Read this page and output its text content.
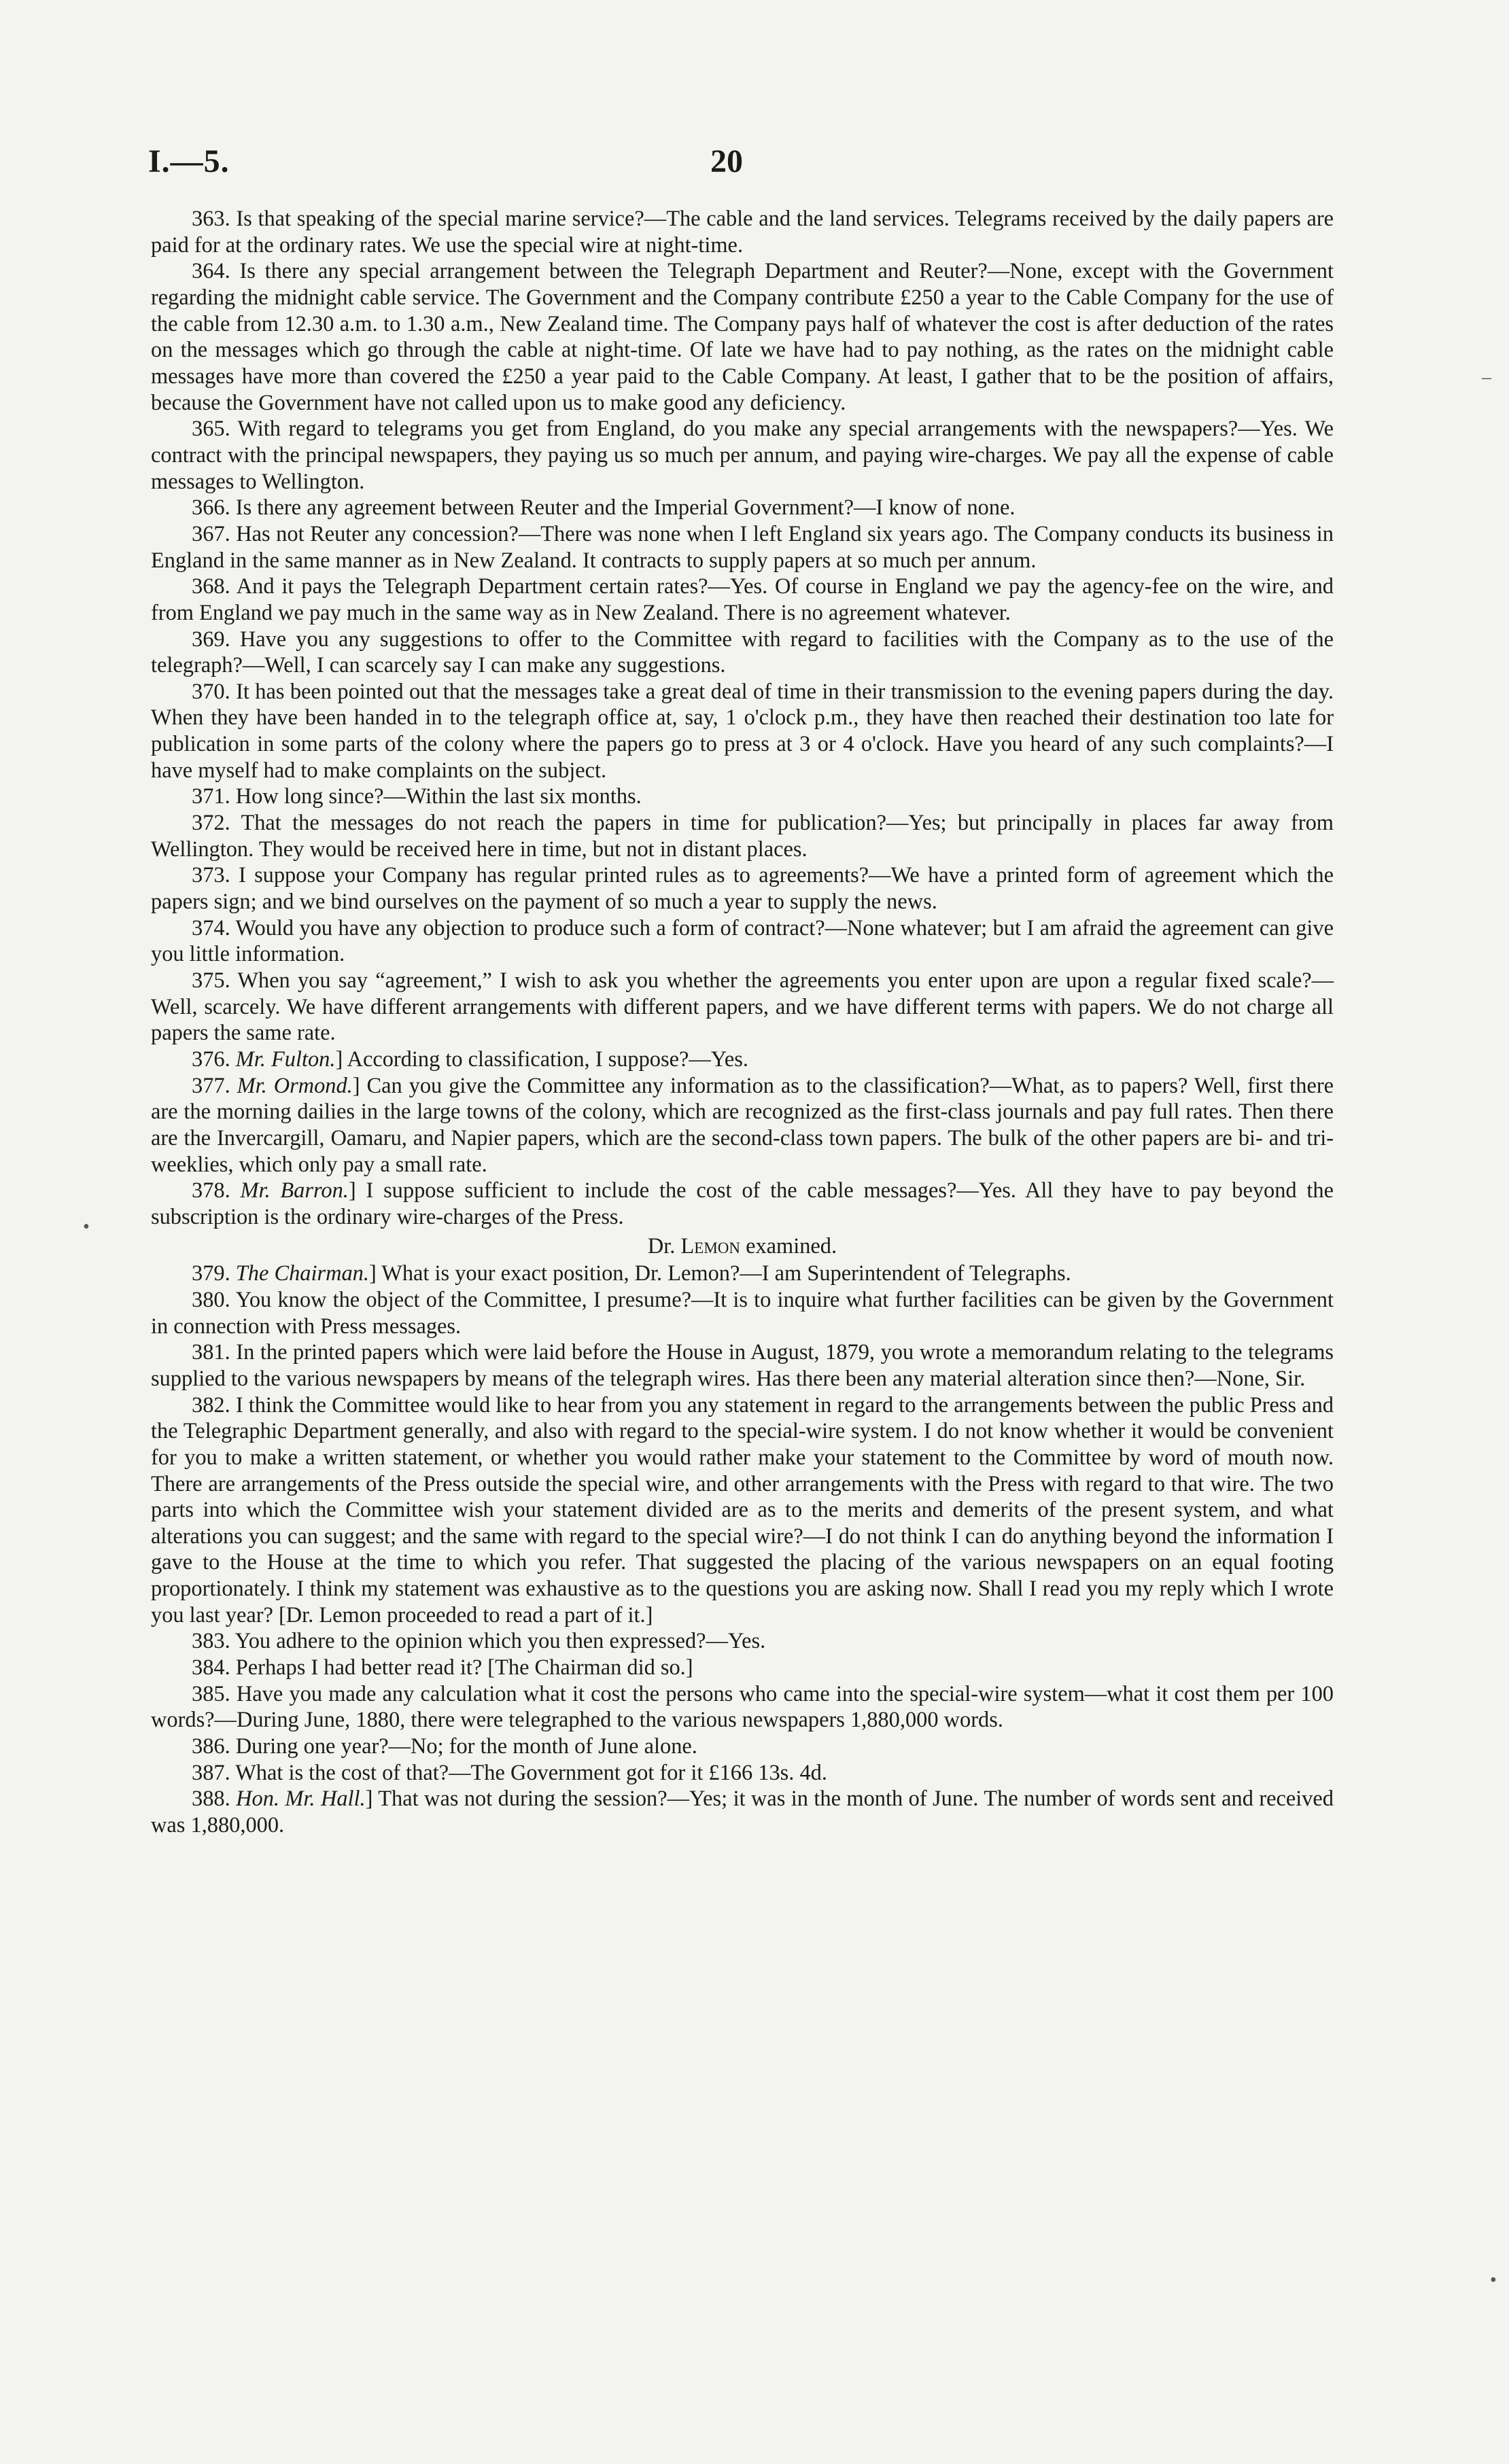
I.—5.	20

363. Is that speaking of the special marine service?—The cable and the land services. Telegrams received by the daily papers are paid for at the ordinary rates. We use the special wire at night-time.

364. Is there any special arrangement between the Telegraph Department and Reuter?—None, except with the Government regarding the midnight cable service. The Government and the Company contribute £250 a year to the Cable Company for the use of the cable from 12.30 a.m. to 1.30 a.m., New Zealand time. The Company pays half of whatever the cost is after deduction of the rates on the messages which go through the cable at night-time. Of late we have had to pay nothing, as the rates on the midnight cable messages have more than covered the £250 a year paid to the Cable Company. At least, I gather that to be the position of affairs, because the Government have not called upon us to make good any deficiency.

365. With regard to telegrams you get from England, do you make any special arrangements with the newspapers?—Yes. We contract with the principal newspapers, they paying us so much per annum, and paying wire-charges. We pay all the expense of cable messages to Wellington.

366. Is there any agreement between Reuter and the Imperial Government?—I know of none.

367. Has not Reuter any concession?—There was none when I left England six years ago. The Company conducts its business in England in the same manner as in New Zealand. It contracts to supply papers at so much per annum.

368. And it pays the Telegraph Department certain rates?—Yes. Of course in England we pay the agency-fee on the wire, and from England we pay much in the same way as in New Zealand. There is no agreement whatever.

369. Have you any suggestions to offer to the Committee with regard to facilities with the Company as to the use of the telegraph?—Well, I can scarcely say I can make any suggestions.

370. It has been pointed out that the messages take a great deal of time in their transmission to the evening papers during the day. When they have been handed in to the telegraph office at, say, 1 o'clock p.m., they have then reached their destination too late for publication in some parts of the colony where the papers go to press at 3 or 4 o'clock. Have you heard of any such complaints?—I have myself had to make complaints on the subject.

371. How long since?—Within the last six months.

372. That the messages do not reach the papers in time for publication?—Yes; but principally in places far away from Wellington. They would be received here in time, but not in distant places.

373. I suppose your Company has regular printed rules as to agreements?—We have a printed form of agreement which the papers sign; and we bind ourselves on the payment of so much a year to supply the news.

374. Would you have any objection to produce such a form of contract?—None whatever; but I am afraid the agreement can give you little information.

375. When you say “agreement,” I wish to ask you whether the agreements you enter upon are upon a regular fixed scale?—Well, scarcely. We have different arrangements with different papers, and we have different terms with papers. We do not charge all papers the same rate.

376. Mr. Fulton.] According to classification, I suppose?—Yes.

377. Mr. Ormond.] Can you give the Committee any information as to the classification?—What, as to papers? Well, first there are the morning dailies in the large towns of the colony, which are recognized as the first-class journals and pay full rates. Then there are the Invercargill, Oamaru, and Napier papers, which are the second-class town papers. The bulk of the other papers are bi- and tri-weeklies, which only pay a small rate.

378. Mr. Barron.] I suppose sufficient to include the cost of the cable messages?—Yes. All they have to pay beyond the subscription is the ordinary wire-charges of the Press.

Dr. Lemon examined.

379. The Chairman.] What is your exact position, Dr. Lemon?—I am Superintendent of Telegraphs.

380. You know the object of the Committee, I presume?—It is to inquire what further facilities can be given by the Government in connection with Press messages.

381. In the printed papers which were laid before the House in August, 1879, you wrote a memorandum relating to the telegrams supplied to the various newspapers by means of the telegraph wires. Has there been any material alteration since then?—None, Sir.

382. I think the Committee would like to hear from you any statement in regard to the arrangements between the public Press and the Telegraphic Department generally, and also with regard to the special-wire system. I do not know whether it would be convenient for you to make a written statement, or whether you would rather make your statement to the Committee by word of mouth now. There are arrangements of the Press outside the special wire, and other arrangements with the Press with regard to that wire. The two parts into which the Committee wish your statement divided are as to the merits and demerits of the present system, and what alterations you can suggest; and the same with regard to the special wire?—I do not think I can do anything beyond the information I gave to the House at the time to which you refer. That suggested the placing of the various newspapers on an equal footing proportionately. I think my statement was exhaustive as to the questions you are asking now. Shall I read you my reply which I wrote you last year? [Dr. Lemon proceeded to read a part of it.]

383. You adhere to the opinion which you then expressed?—Yes.

384. Perhaps I had better read it? [The Chairman did so.]

385. Have you made any calculation what it cost the persons who came into the special-wire system—what it cost them per 100 words?—During June, 1880, there were telegraphed to the various newspapers 1,880,000 words.

386. During one year?—No; for the month of June alone.

387. What is the cost of that?—The Government got for it £166 13s. 4d.

388. Hon. Mr. Hall.] That was not during the session?—Yes; it was in the month of June. The number of words sent and received was 1,880,000.

–
•
•
